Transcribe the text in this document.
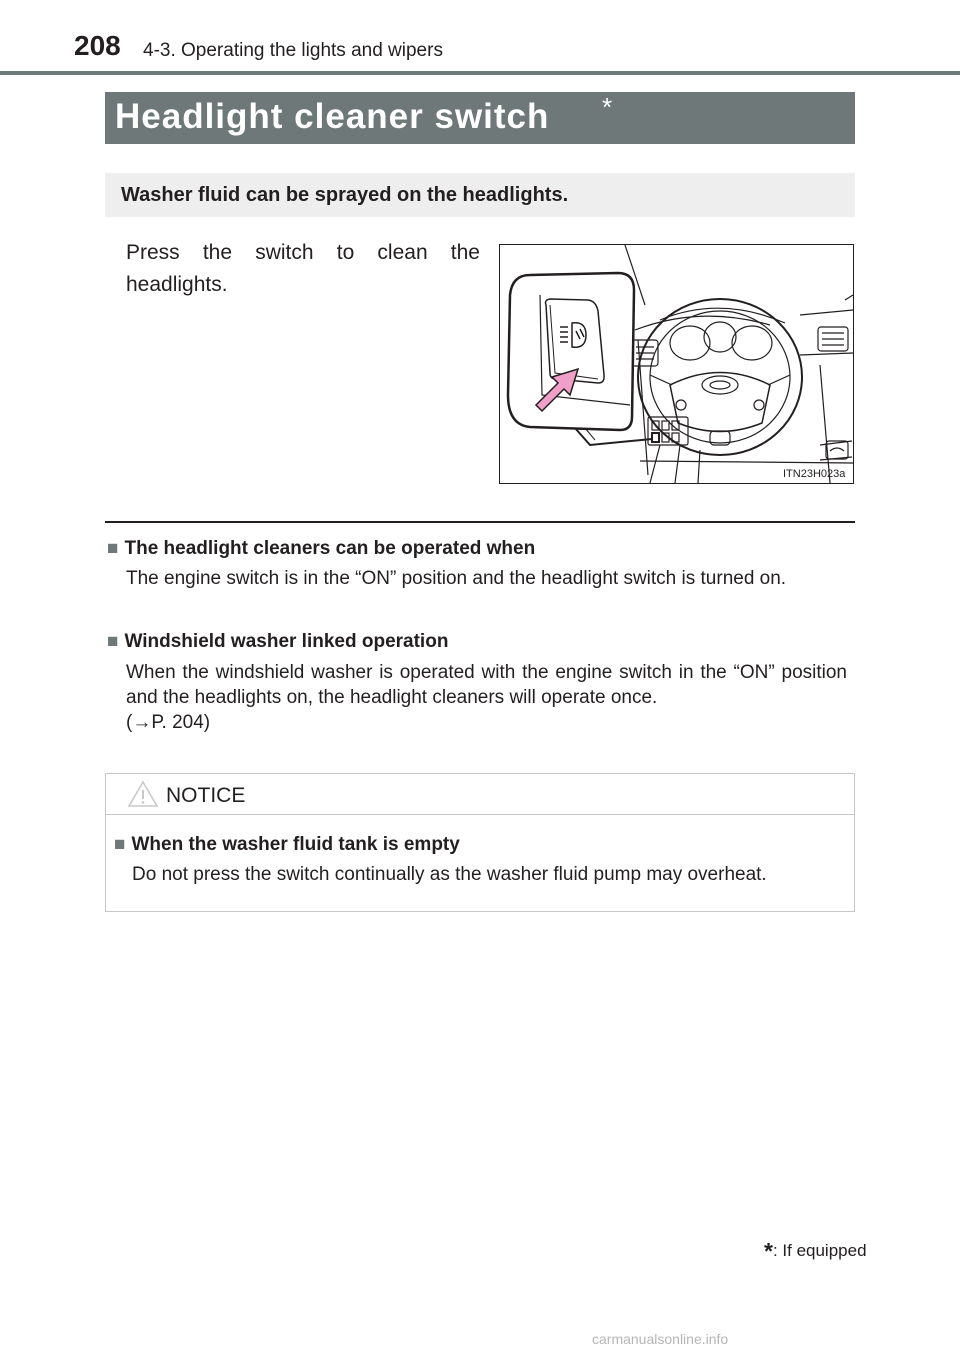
208 4-3. Operating the lights and wipers
Headlight cleaner switch *
Washer fluid can be sprayed on the headlights.
Press the switch to clean the headlights.
ITN23H023a
■ The headlight cleaners can be operated when
The engine switch is in the “ON” position and the headlight switch is turned on.
■ Windshield washer linked operation
When the windshield washer is operated with the engine switch in the “ON” position and the headlights on, the headlight cleaners will operate once.
(→P. 204)
NOTICE
■ When the washer fluid tank is empty
Do not press the switch continually as the washer fluid pump may overheat.
*: If equipped
carmanualsonline.info
